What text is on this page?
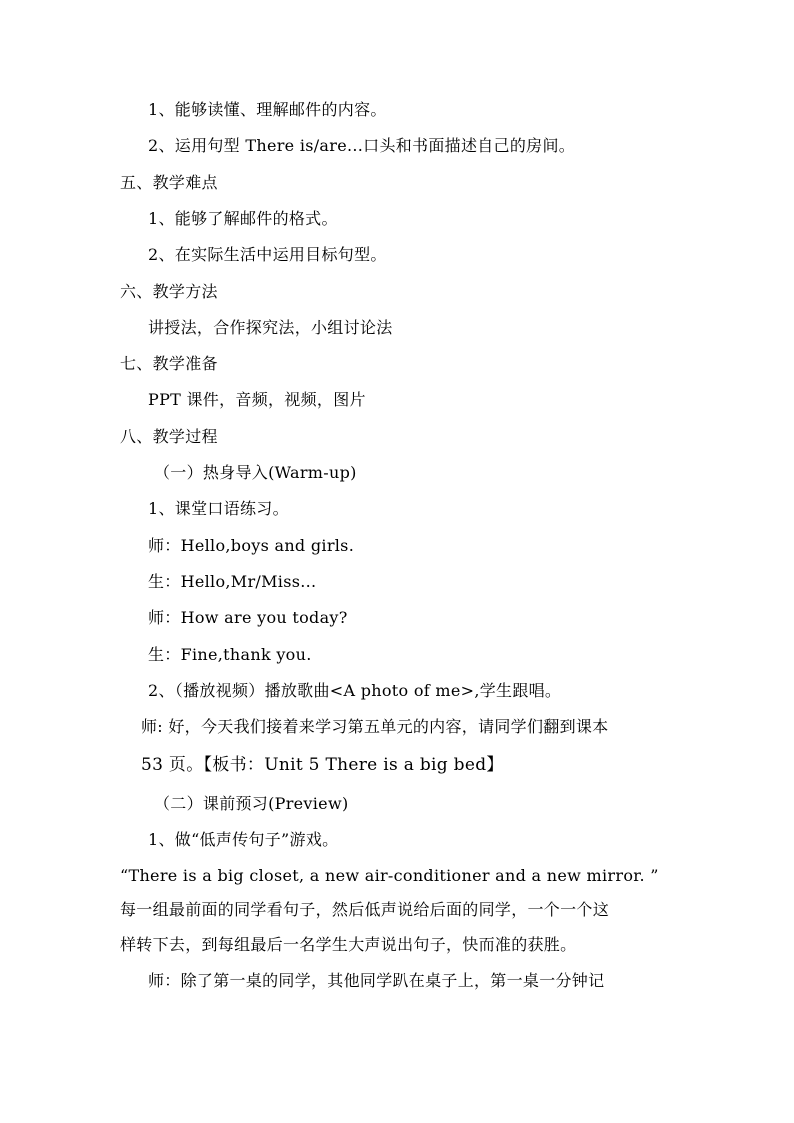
1、能够读懂、理解邮件的内容。
2、运用句型 There is/are...口头和书面描述自己的房间。
五、教学难点
1、能够了解邮件的格式。
2、在实际生活中运用目标句型。
六、教学方法
讲授法，合作探究法，小组讨论法
七、教学准备
PPT 课件，音频，视频，图片
八、教学过程
（一）热身导入(Warm-up)
1、课堂口语练习。
师：Hello,boys and girls.
生：Hello,Mr/Miss...
师：How are you today?
生：Fine,thank you.
2、（播放视频）播放歌曲<A photo of me>,学生跟唱。
师: 好，今天我们接着来学习第五单元的内容，请同学们翻到课本
53 页。【板书：Unit 5 There is a big bed】
（二）课前预习(Preview)
1、做“低声传句子”游戏。
“There is a big closet, a new air-conditioner and a new mirror. ”
每一组最前面的同学看句子，然后低声说给后面的同学，一个一个这
样转下去，到每组最后一名学生大声说出句子，快而准的获胜。
师：除了第一桌的同学，其他同学趴在桌子上，第一桌一分钟记
